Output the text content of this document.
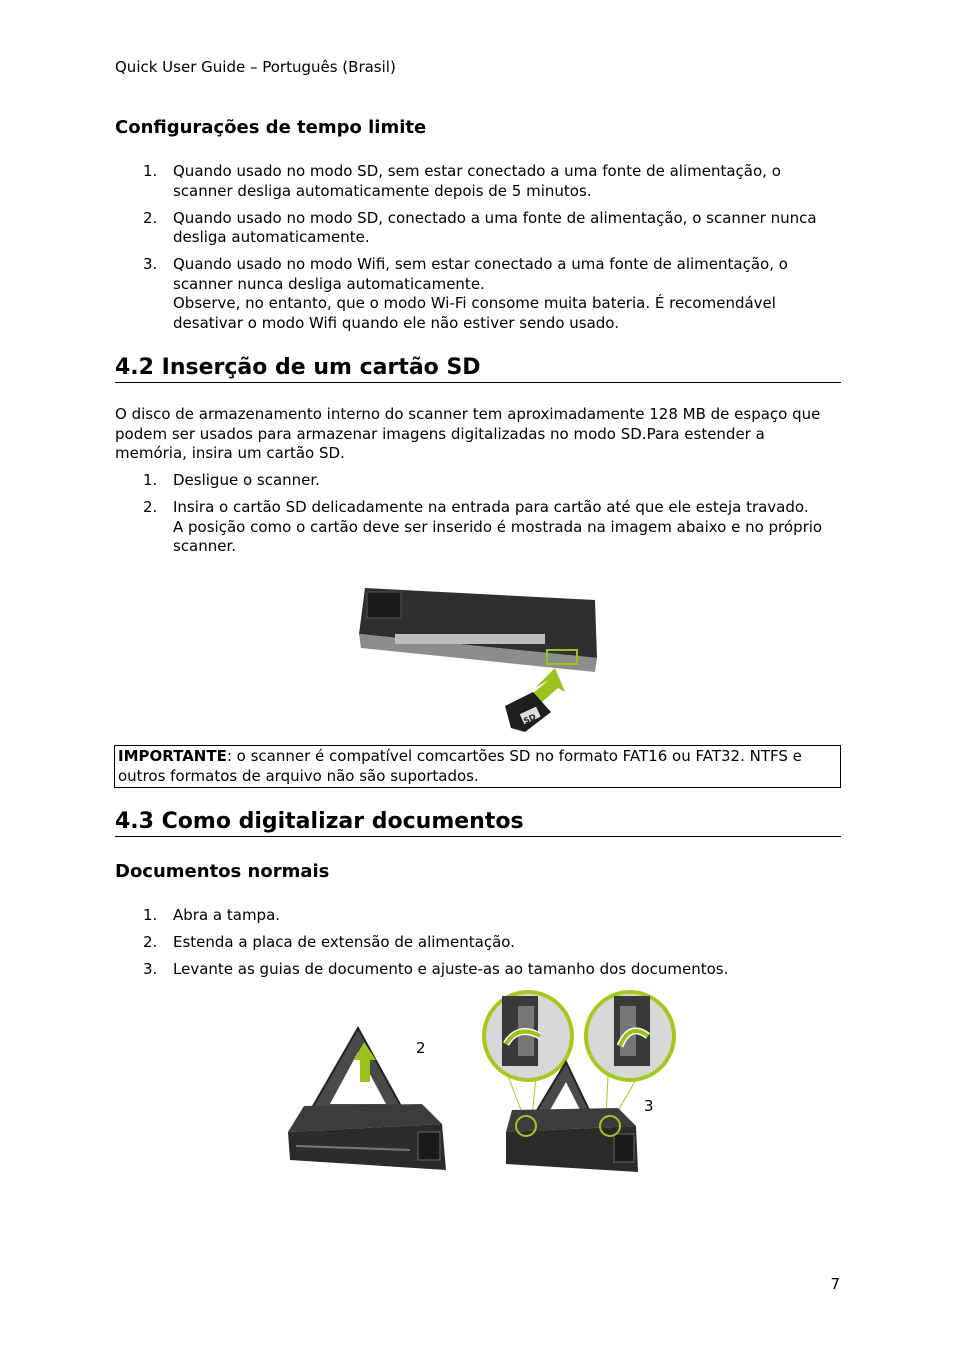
Quick User Guide – Português (Brasil)
Configurações de tempo limite
1. Quando usado no modo SD, sem estar conectado a uma fonte de alimentação, o scanner desliga automaticamente depois de 5 minutos.
2. Quando usado no modo SD, conectado a uma fonte de alimentação, o scanner nunca desliga automaticamente.
3. Quando usado no modo Wifi, sem estar conectado a uma fonte de alimentação, o scanner nunca desliga automaticamente.
Observe, no entanto, que o modo Wi-Fi consome muita bateria. É recomendável desativar o modo Wifi quando ele não estiver sendo usado.
4.2 Inserção de um cartão SD
O disco de armazenamento interno do scanner tem aproximadamente 128 MB de espaço que podem ser usados para armazenar imagens digitalizadas no modo SD.Para estender a memória, insira um cartão SD.
1. Desligue o scanner.
2. Insira o cartão SD delicadamente na entrada para cartão até que ele esteja travado.
A posição como o cartão deve ser inserido é mostrada na imagem abaixo e no próprio scanner.
SD
IMPORTANTE: o scanner é compatível comcartões SD no formato FAT16 ou FAT32. NTFS e outros formatos de arquivo não são suportados.
4.3 Como digitalizar documentos
Documentos normais
1. Abra a tampa.
2. Estenda a placa de extensão de alimentação.
3. Levante as guias de documento e ajuste-as ao tamanho dos documentos.
2
3
7
